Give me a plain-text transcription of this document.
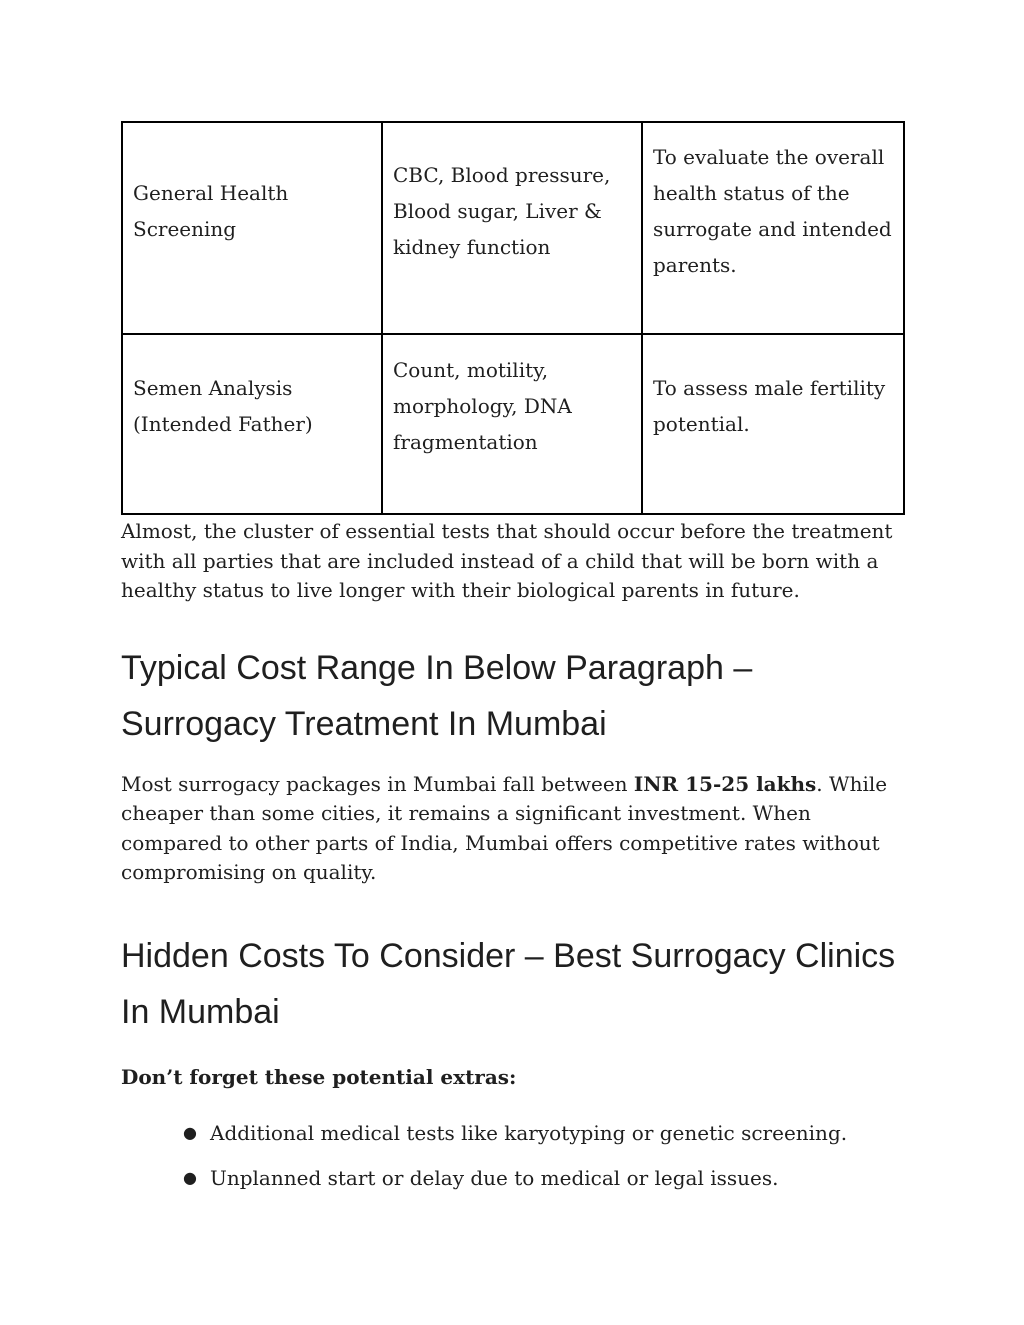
General Health Screening	CBC, Blood pressure, Blood sugar, Liver & kidney function	To evaluate the overall health status of the surrogate and intended parents.

Semen Analysis (Intended Father)	Count, motility, morphology, DNA fragmentation	To assess male fertility potential.

Almost, the cluster of essential tests that should occur before the treatment with all parties that are included instead of a child that will be born with a healthy status to live longer with their biological parents in future.

Typical Cost Range In Below Paragraph – Surrogacy Treatment In Mumbai

Most surrogacy packages in Mumbai fall between INR 15-25 lakhs. While cheaper than some cities, it remains a significant investment. When compared to other parts of India, Mumbai offers competitive rates without compromising on quality.

Hidden Costs To Consider – Best Surrogacy Clinics In Mumbai

Don’t forget these potential extras:

● Additional medical tests like karyotyping or genetic screening.
● Unplanned start or delay due to medical or legal issues.
